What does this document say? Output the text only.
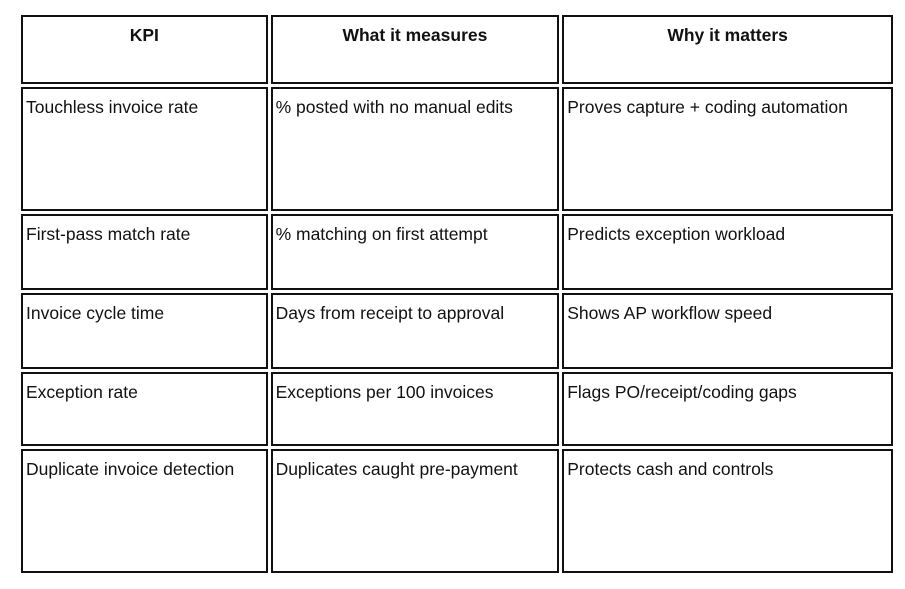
KPI	What it measures	Why it matters

Touchless invoice rate	% posted with no manual edits	Proves capture + coding automation

First-pass match rate	% matching on first attempt	Predicts exception workload

Invoice cycle time	Days from receipt to approval	Shows AP workflow speed

Exception rate	Exceptions per 100 invoices	Flags PO/receipt/coding gaps

Duplicate invoice detection	Duplicates caught pre-payment	Protects cash and controls
